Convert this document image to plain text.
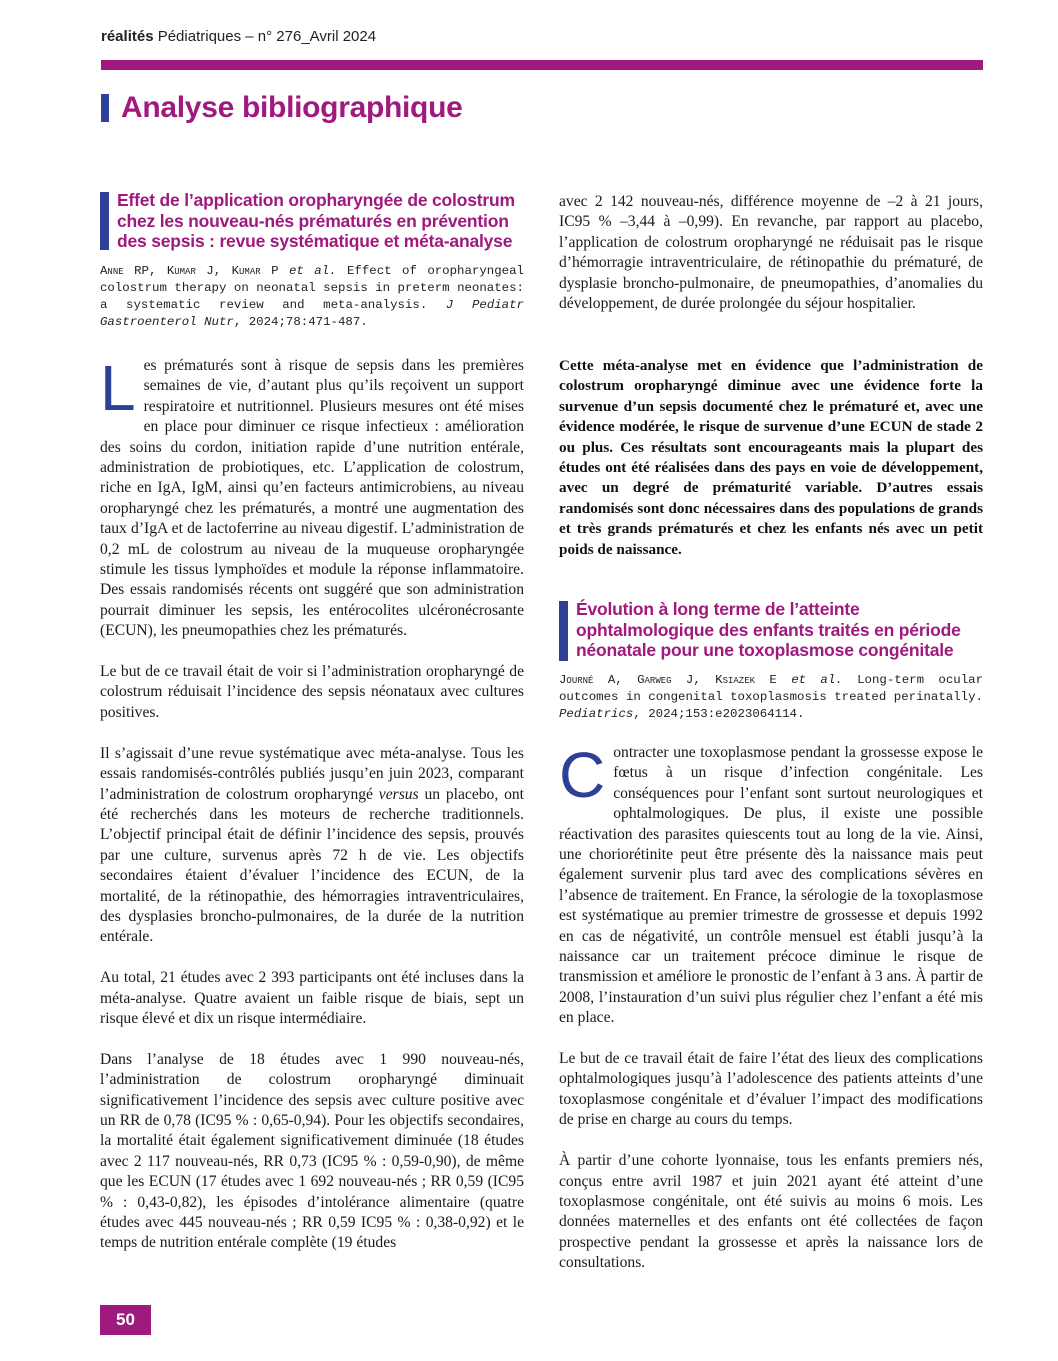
réalités Pédiatriques – n° 276_Avril 2024
Analyse bibliographique
Effet de l’application oropharyngée de colostrum chez les nouveau-nés prématurés en prévention des sepsis : revue systématique et méta-analyse
Anne RP, Kumar J, Kumar P et al. Effect of oropharyngeal colostrum therapy on neonatal sepsis in preterm neonates: a systematic review and meta-analysis. J Pediatr Gastroenterol Nutr, 2024;78:471-487.

Les prématurés sont à risque de sepsis dans les premières semaines de vie, d’autant plus qu’ils reçoivent un support respiratoire et nutritionnel. Plusieurs mesures ont été mises en place pour diminuer ce risque infectieux : amélioration des soins du cordon, initiation rapide d’une nutrition entérale, administration de probiotiques, etc. L’application de colostrum, riche en IgA, IgM, ainsi qu’en facteurs antimicrobiens, au niveau oropharyngé chez les prématurés, a montré une augmentation des taux d’IgA et de lactoferrine au niveau digestif. L’administration de 0,2 mL de colostrum au niveau de la muqueuse oropharyngée stimule les tissus lymphoïdes et module la réponse inflammatoire. Des essais randomisés récents ont suggéré que son administration pourrait diminuer les sepsis, les entérocolites ulcéronécrosante (ECUN), les pneumopathies chez les prématurés.

Le but de ce travail était de voir si l’administration oropharyngé de colostrum réduisait l’incidence des sepsis néonataux avec cultures positives.

Il s’agissait d’une revue systématique avec méta-analyse. Tous les essais randomisés-contrôlés publiés jusqu’en juin 2023, comparant l’administration de colostrum oropharyngé versus un placebo, ont été recherchés dans les moteurs de recherche traditionnels. L’objectif principal était de définir l’incidence des sepsis, prouvés par une culture, survenus après 72 h de vie. Les objectifs secondaires étaient d’évaluer l’incidence des ECUN, de la mortalité, de la rétinopathie, des hémorragies intraventriculaires, des dysplasies broncho-pulmonaires, de la durée de la nutrition entérale.

Au total, 21 études avec 2 393 participants ont été incluses dans la méta-analyse. Quatre avaient un faible risque de biais, sept un risque élevé et dix un risque intermédiaire.

Dans l’analyse de 18 études avec 1 990 nouveau-nés, l’administration de colostrum oropharyngé diminuait significativement l’incidence des sepsis avec culture positive avec un RR de 0,78 (IC95 % : 0,65-0,94). Pour les objectifs secondaires, la mortalité était également significativement diminuée (18 études avec 2 117 nouveau-nés, RR 0,73 (IC95 % : 0,59-0,90), de même que les ECUN (17 études avec 1 692 nouveau-nés ; RR 0,59 (IC95 % : 0,43-0,82), les épisodes d’intolérance alimentaire (quatre études avec 445 nouveau-nés ; RR 0,59 IC95 % : 0,38-0,92) et le temps de nutrition entérale complète (19 études

avec 2 142 nouveau-nés, différence moyenne de –2 à 21 jours, IC95 % –3,44 à –0,99). En revanche, par rapport au placebo, l’application de colostrum oropharyngé ne réduisait pas le risque d’hémorragie intraventriculaire, de rétinopathie du prématuré, de dysplasie broncho-pulmonaire, de pneumopathies, d’anomalies du développement, de durée prolongée du séjour hospitalier.

Cette méta-analyse met en évidence que l’administration de colostrum oropharyngé diminue avec une évidence forte la survenue d’un sepsis documenté chez le prématuré et, avec une évidence modérée, le risque de survenue d’une ECUN de stade 2 ou plus. Ces résultats sont encourageants mais la plupart des études ont été réalisées dans des pays en voie de développement, avec un degré de prématurité variable. D’autres essais randomisés sont donc nécessaires dans des populations de grands et très grands prématurés et chez les enfants nés avec un petit poids de naissance.
Évolution à long terme de l’atteinte ophtalmologique des enfants traités en période néonatale pour une toxoplasmose congénitale
Journé A, Garweg J, Ksiazek E et al. Long-term ocular outcomes in congenital toxoplasmosis treated perinatally. Pediatrics, 2024;153:e2023064114.

Contracter une toxoplasmose pendant la grossesse expose le fœtus à un risque d’infection congénitale. Les conséquences pour l’enfant sont surtout neurologiques et ophtalmologiques. De plus, il existe une possible réactivation des parasites quiescents tout au long de la vie. Ainsi, une choriorétinite peut être présente dès la naissance mais peut également survenir plus tard avec des complications sévères en l’absence de traitement. En France, la sérologie de la toxoplasmose est systématique au premier trimestre de grossesse et depuis 1992 en cas de négativité, un contrôle mensuel est établi jusqu’à la naissance car un traitement précoce diminue le risque de transmission et améliore le pronostic de l’enfant à 3 ans. À partir de 2008, l’instauration d’un suivi plus régulier chez l’enfant a été mis en place.

Le but de ce travail était de faire l’état des lieux des complications ophtalmologiques jusqu’à l’adolescence des patients atteints d’une toxoplasmose congénitale et d’évaluer l’impact des modifications de prise en charge au cours du temps.

À partir d’une cohorte lyonnaise, tous les enfants premiers nés, conçus entre avril 1987 et juin 2021 ayant été atteint d’une toxoplasmose congénitale, ont été suivis au moins 6 mois. Les données maternelles et des enfants ont été collectées de façon prospective pendant la grossesse et après la naissance lors de consultations.

50
